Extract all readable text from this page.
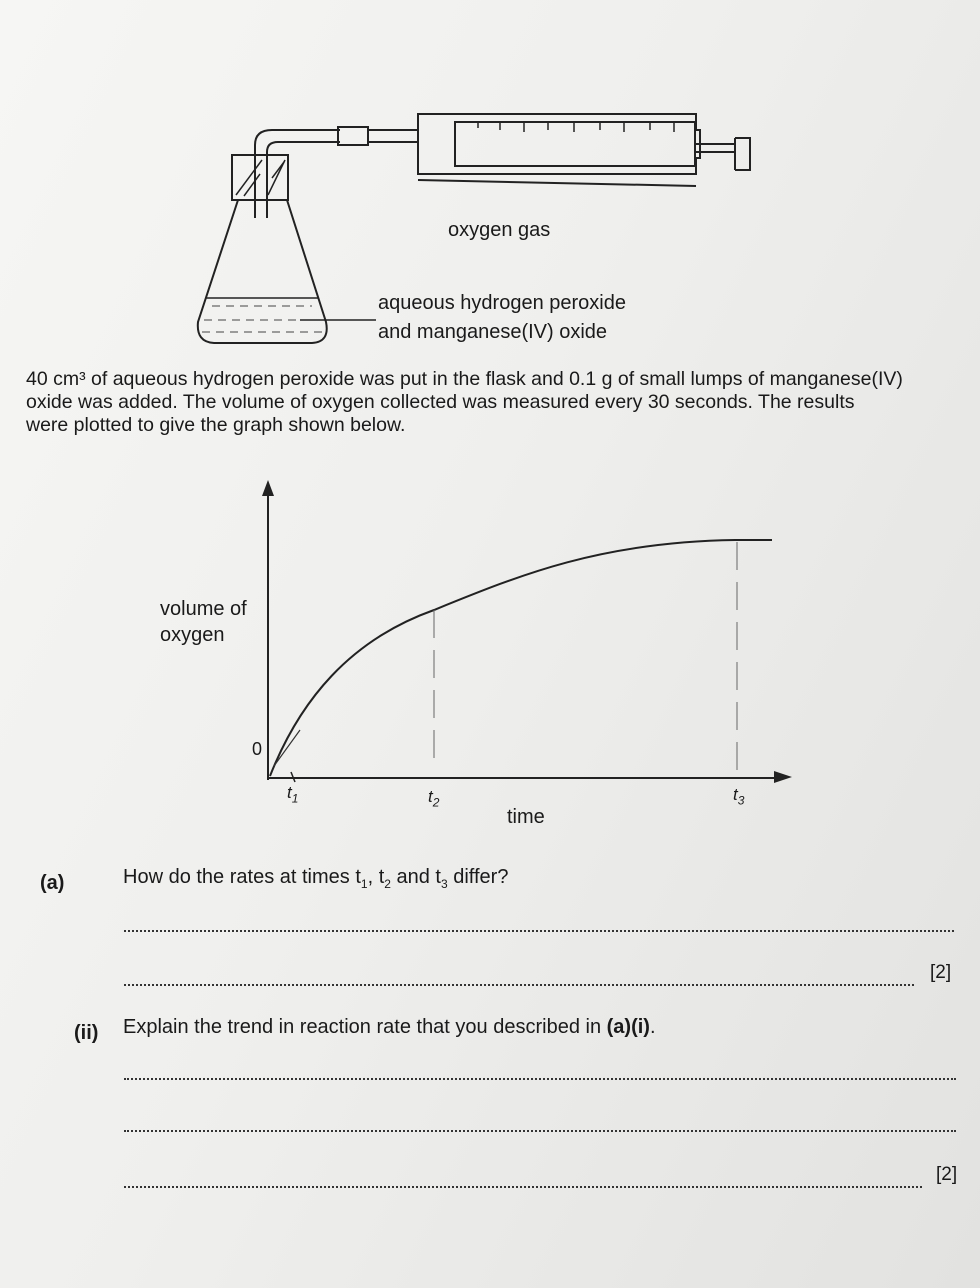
oxygen gas
aqueous hydrogen peroxide
and manganese(IV) oxide

40 cm³ of aqueous hydrogen peroxide was put in the flask and 0.1 g of small lumps of manganese(IV)

oxide was added. The volume of oxygen collected was measured every 30 seconds. The results

were plotted to give the graph shown below.

volume of
oxygen
0
time
$t_1$	$t_2$	$t_3$
(a)	How do the rates at times $t_1$, $t_2$ and $t_3$ differ?
[2]
(ii) Explain the trend in reaction rate that you described in (a)(i).
[2]
